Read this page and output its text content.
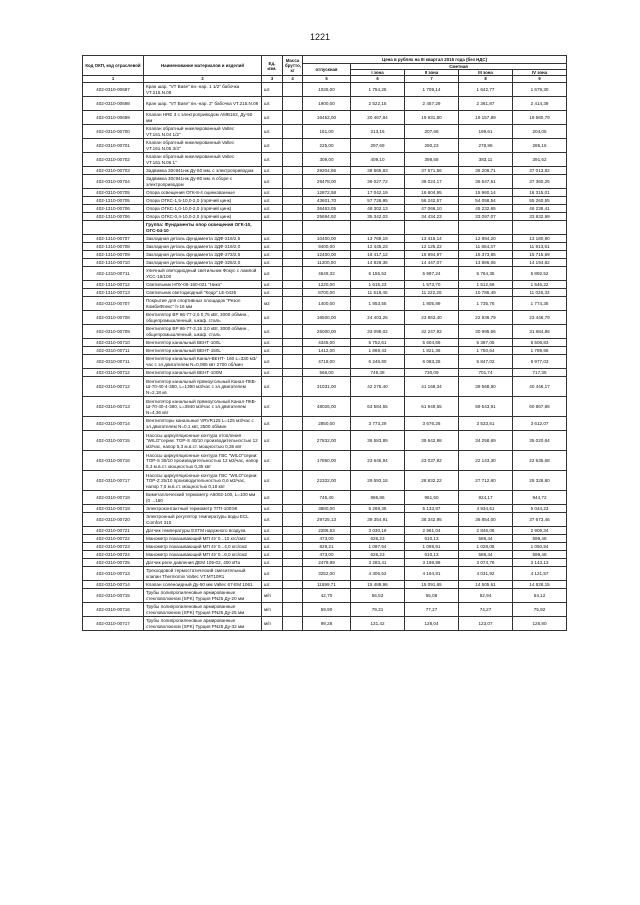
1221
Код ОКП, код отраслевой	Наименование материалов и изделий	Ед. изм.	Масса брутто, кг	Цена в рублях на III квартал 2016 года (без НДС)				
				отпускная	Сметная			
					I зона	II зона	III зона	IV зона
1	2	3	4	5	6	7	8	9
402-0310-00697	Кран шар. "VT Base" вн.-нар. 1 1/2" бабочка VT.215.N.08	шт.		1025,00	1 754,25	1 709,14	1 642,77	1 679,30
402-0310-00698	Кран шар. "VT Base" вн.-нар. 2" бабочка VT.215.N.09	шт.		1900,00	2 522,15	2 457,29	2 361,87	2 414,39
402-0310-00699	Клапан HRE 3 с электроприводом AMB162, Ду-50 мм	шт.		16452,00	20 467,84	19 931,80	19 157,89	19 580,79
402-0310-00700	Клапан обратный никелированный Valtec VT.161.N.04 1/2"	шт.		161,00	213,16	207,68	199,61	204,05
402-0310-00701	Клапан обратный никелированный Valtec VT.161.N.05 3/4"	шт.		225,00	297,69	290,23	278,96	285,16
402-0310-00702	Клапан обратный никелированный Valtec VT.161.N.06 1"	шт.		309,00	409,10	398,58	383,11	391,62
402-0310-00703	Задвижка 30с941нж Ду-50 мм. с электроприводом	шт.		29204,66	38 665,83	37 671,56	36 208,71	37 013,82
402-0310-00704	Задвижка 30с941нж Ду-80 мм. в сборе с электроприводом	шт.		29478,00	39 027,72	38 024,17	36 547,61	37 360,25
402-0310-00705	Опора освещения ОГК-8-4 оцинкованные	шт.		12872,58	17 042,19	16 604,95	15 960,14	16 315,01
402-1310-00705	Опора ОГКС-1,5-10,0-2,0 (горячий цинк)	шт.		43601,70	57 726,95	56 242,57	54 058,54	55 260,55
402-1310-00706	Опора ОГКС-1,0-10,0-2,0 (горячий цинк)	шт.		36463,05	48 302,13	47 066,10	45 232,65	46 238,41
402-1310-00706	Опора ОГКС-0,4-10,0-2,0 (горячий цинк)	шт.		25694,92	35 342,03	34 434,23	33 097,07	33 832,99
	Группа: Фундаменты опор освещения ОГК-10, ОГС-04-10							
402-1310-00707	Закладная деталь фундамента ЗДФ-219/2,5	шт.		10400,00	13 769,19	13 415,14	12 894,20	13 180,90
402-1310-00708	Закладная деталь фундамента ЗДФ-219/2,0	шт.		9400,00	12 445,23	12 125,22	11 654,37	11 913,51
402-1310-00709	Закладная деталь фундамента ЗДФ-273/2,5	шт.		12400,00	16 417,12	15 994,97	15 373,85	15 715,69
402-1310-00710	Закладная деталь фундамента ЗДФ-325/2,0	шт.		11200,00	14 828,36	14 447,07	13 886,06	14 194,82
402-1310-00711	Уличный светодиодный светильник Фокус с лампой УСС-18/100	шт.		4649,32	6 155,52	5 997,24	5 764,35	5 892,52
402-1310-00712	Светильник НПУ-06-150-021 "Нико"	шт.		1220,00	1 615,23	1 573,70	1 512,59	1 546,22
402-1310-00713	Светильник светодиодный "Кедр" LE-0435	шт.		8700,00	11 518,45	11 222,26	10 786,49	11 026,33
402-0310-00707	Покрытие для спортивных площадок "Резол КомбиФлекс" h-16 мм	м2		1400,00	1 853,55	1 805,89	1 735,76	1 774,35
402-0310-00708	Вентилятор ВР 86-77-2,5 0,75 кВт, 3000 об/мин., общепромышленный, шкаф. сталь	шт.		16500,00	24 403,25	23 863,40	22 936,79	23 446,79
402-0310-00709	Вентилятор ВР 86-77-3,15 3,0 кВт, 3000 об/мин., общепромышленный, шкаф. сталь	шт.		25000,00	33 098,02	32 247,92	30 995,66	31 684,86
402-0310-00710	Вентилятор канальный ВЕНТ-100L	шт.		4345,00	5 752,61	5 604,69	5 387,05	5 506,83
402-0310-00711	Вентилятор канальный ВЕНТ-150L	шт.		1412,00	1 869,43	1 821,36	1 750,64	1 789,56
402-0310-00711	Вентилятор канальный Канал-ВЕНТ- 160 L=330 м3/час с эл.двигателем N=0,085 квт 2700 об/мин	шт.		4718,00	6 246,80	6 083,25	5 847,02	5 977,03
402-0310-00712	Вентилятор канальный ВЕНТ-100М	шт.		566,00	749,38	730,09	701,74	717,35
402-0310-00712	Вентилятор канальный прямоугольный Канал-ПКВ-Ш-70-40-4-380, L=1390 м3/час с эл.двигателем N=2,18 кв	шт.		31031,00	42 275,40	41 168,34	39 568,80	40 448,17
402-0310-00713	Вентилятор канальный прямоугольный Канал-ПКВ-Ш-70-40-4-380, L=3940 м3/час с эл.двигателем N=4,36 квт	шт.		48026,00	63 584,55	61 949,55	59 543,91	60 867,88
402-0310-00714	Вентиляторы канальные VRVR125 L=125 м3/час с эл.двигателем N=0,1 квт, 2500 об/мин	шт.		2850,00	3 773,29	3 676,26	3 533,51	3 612,07
402-0310-00715	Насосы циркуляционные контура отопления "WILO"серии: TOP-S 40/10 производительностью 12 м3/час, напор 5,3 м.в.ст. мощностью 0,35 квт	шт.		27832,00	36 583,89	35 642,98	34 258,69	35 020,64
402-0310-00716	Насосы циркуляционные контура ГВС "WILO"серии: TOP-S 30/10 производительностью 12 м3/час, напор 5,3 м.в.ст. мощностью 0,35 квт	шт.		17860,00	23 645,94	23 037,92	22 143,30	22 635,68
402-0310-00717	Насосы циркуляционные контура ГВС "WILO"серии: TOP-Z 25/10 производительностью 0,6 м3/час, напор 7,0 м.в.ст. мощностью 0,18 квт	шт.		22332,00	29 593,18	28 832,22	27 712,60	28 328,80
402-0310-00718	Биметаллический термометр А5002-100, L=100 мм (0 ...160	шт.		745,40	986,86	961,50	924,17	944,72
402-0310-00719	Электроконтактный термометр ТГП-100ЭК	шт.		3880,00	5 269,35	5 133,87	4 934,51	5 044,23
402-0310-00720	Электронный регулятор температуры воды ECL Comfort 310	шт.		29725,13	39 354,91	38 342,95	36 854,00	37 673,46
402-0310-00721	Датчик температуры ESTM наружного воздуха	шт.		2286,53	3 030,19	2 961,04	2 846,06	2 909,34
402-0310-00722	Манометр показывающий МП 4У 0...10 кгс/см2	шт.		473,00	626,23	610,13	586,44	599,48
402-0310-00723	Манометр показывающий МП 4У 0...4,0 кгс/см2	шт.		829,21	1 097,64	1 069,91	1 028,08	1 050,94
402-0310-00724	Манометр показывающий МП 4У 0...6,0 кгс/см2	шт.		473,00	626,23	610,13	586,44	599,48
402-0310-00725	Датчик реле давления ДЕМ 105-02, 400 кПа	шт.		2479,99	3 283,41	3 198,98	3 074,76	3 143,13
402-0310-00713	Трехходовой термостатический смесительный клапан Thermomix Valtec VT.MT10R1	шт.		3252,00	4 305,52	4 194,81	4 031,92	4 121,57
402-0310-00714	Клапан соленоидный Ду-50 мм Valtec 67-EM 1061	шт.		11699,71	15 489,96	15 091,65	14 505,61	14 828,15
402-0310-00715	Трубы полипропиленовые армированные стекловолокном (SPK) Турция PN25 Ду-20 мм	м/п		42,70	56,53	55,08	52,94	54,12
402-0310-00716	Трубы полипропиленовые армированные стекловолокном (SPK) Турция PN25 Ду-25 мм	м/п		59,90	79,31	77,27	74,27	75,92
402-0310-00717	Трубы полипропиленовые армированные стекловолокном (SPK) Турция PN25 Ду-32 мм	м/п		99,28	131,42	128,04	123,07	125,80
